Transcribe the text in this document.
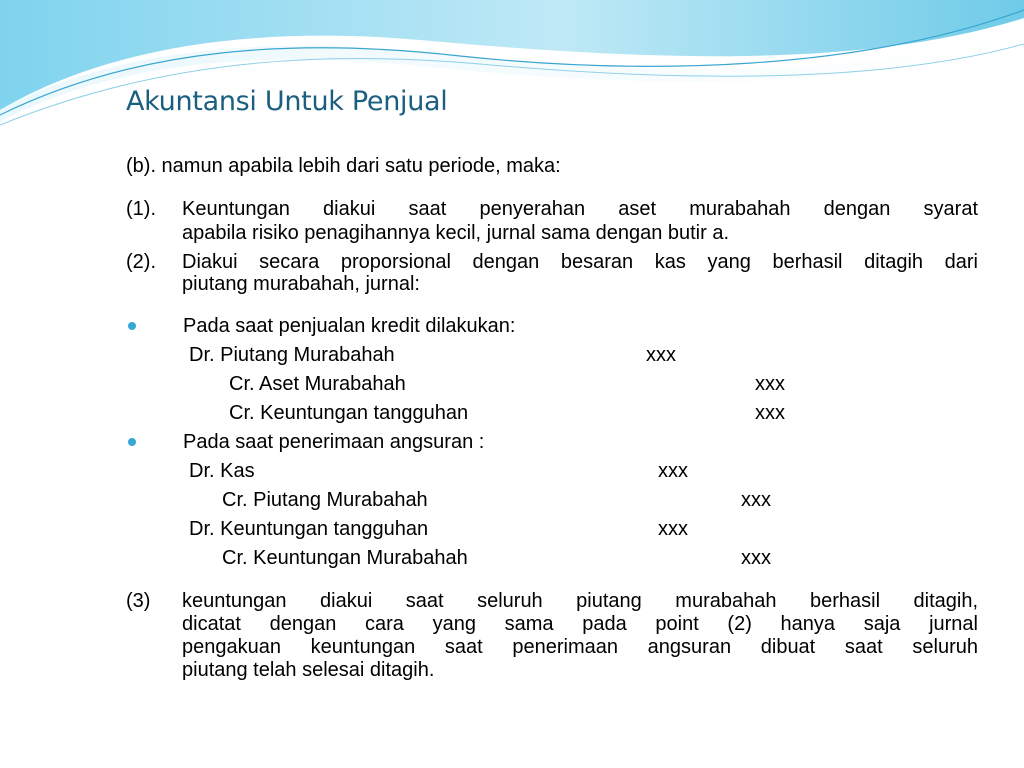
Akuntansi Untuk Penjual
(b). namun apabila lebih dari satu periode, maka:
(1). Keuntungan diakui saat penyerahan aset murabahah dengan syarat
apabila risiko penagihannya kecil, jurnal sama dengan butir a.
(2). Diakui secara proporsional dengan besaran kas yang berhasil ditagih dari
piutang murabahah, jurnal:
Pada saat penjualan kredit dilakukan:
Dr. Piutang Murabahah	xxx
Cr. Aset Murabahah	xxx
Cr. Keuntungan tangguhan	xxx
Pada saat penerimaan angsuran :
Dr. Kas	xxx
Cr. Piutang Murabahah	xxx
Dr. Keuntungan tangguhan	xxx
Cr. Keuntungan Murabahah	xxx
(3) keuntungan diakui saat seluruh piutang murabahah berhasil ditagih,
dicatat dengan cara yang sama pada point (2) hanya saja jurnal
pengakuan keuntungan saat penerimaan angsuran dibuat saat seluruh
piutang telah selesai ditagih.
